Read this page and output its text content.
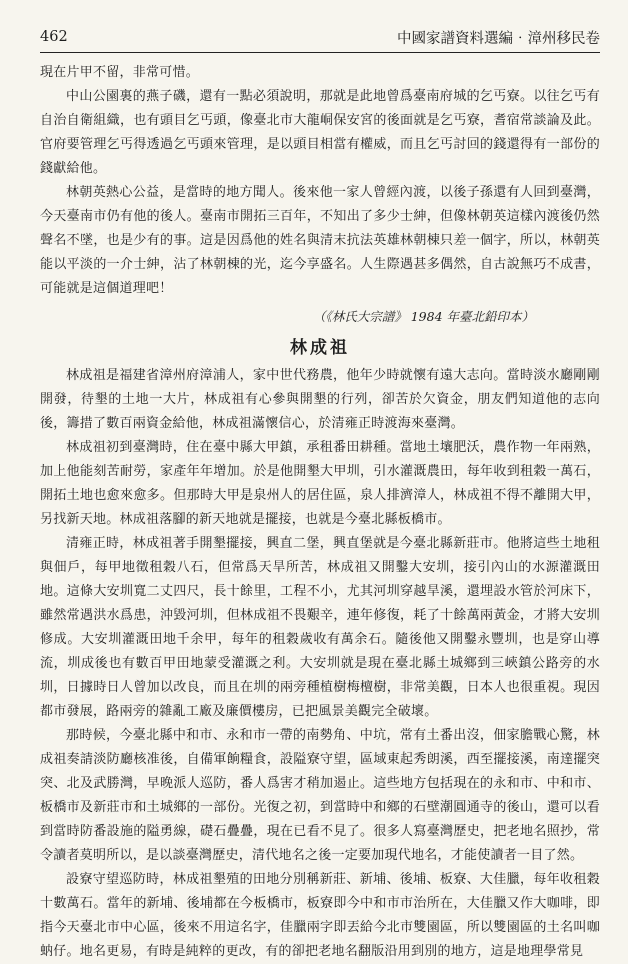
462	中國家譜資料選編‧漳州移民卷

現在片甲不留，非常可惜。

中山公園裏的燕子磯，還有一點必須說明，那就是此地曾爲臺南府城的乞丐寮。以往乞丐有自治自衛組織，也有頭目乞丐頭，像臺北市大龍峒保安宮的後面就是乞丐寮，耆宿常談論及此。官府要管理乞丐得透過乞丐頭來管理，是以頭目相當有權威，而且乞丐討回的錢還得有一部份的錢獻給他。

林朝英熱心公益，是當時的地方聞人。後來他一家人曾經內渡，以後子孫還有人回到臺灣，今天臺南市仍有他的後人。臺南市開拓三百年，不知出了多少士紳，但像林朝英這樣內渡後仍然聲名不墜，也是少有的事。這是因爲他的姓名與清末抗法英雄林朝棟只差一個字，所以，林朝英能以平淡的一介士紳，沾了林朝棟的光，迄今享盛名。人生際遇甚多偶然，自古說無巧不成書，可能就是這個道理吧！

（《林氏大宗譜》 1984 年臺北鉛印本）

林成祖

林成祖是福建省漳州府漳浦人，家中世代務農，他年少時就懷有遠大志向。當時淡水廳剛剛開發，待墾的土地一大片，林成祖有心參與開墾的行列，卻苦於欠資金，朋友們知道他的志向後，籌措了數百兩資金給他，林成祖滿懷信心，於清雍正時渡海來臺灣。

林成祖初到臺灣時，住在臺中縣大甲鎮，承租番田耕種。當地土壤肥沃，農作物一年兩熟，加上他能刻苦耐勞，家產年年增加。於是他開墾大甲圳，引水灌溉農田，每年收到租穀一萬石，開拓土地也愈來愈多。但那時大甲是泉州人的居住區，泉人排濟漳人，林成祖不得不離開大甲，另找新天地。林成祖落腳的新天地就是擺接，也就是今臺北縣板橋市。

清雍正時，林成祖著手開墾擺接，興直二堡，興直堡就是今臺北縣新莊市。他將這些土地租與佃戶，每甲地徵租穀八石，但常爲天旱所苦，林成祖又開鑿大安圳，接引內山的水源灌溉田地。這條大安圳寬二丈四尺，長十餘里，工程不小，尤其河圳穿越旱溪，還埋設水管於河床下，雖然常遇洪水爲患，沖毀河圳，但林成祖不畏艱辛，連年修復，耗了十餘萬兩黃金，才將大安圳修成。大安圳灌溉田地千余甲，每年的租穀歲收有萬余石。隨後他又開鑿永豐圳，也是穿山導流，圳成後也有數百甲田地蒙受灌溉之利。大安圳就是現在臺北縣土城鄉到三峽鎮公路旁的水圳，日據時日人曾加以改良，而且在圳的兩旁種植樹梅檀樹，非常美觀，日本人也很重視。現因都市發展，路兩旁的雜亂工廠及廉價樓房，已把風景美觀完全破壞。

那時候，今臺北縣中和市、永和市一帶的南勢角、中坑，常有土番出沒，佃家膽戰心驚，林成祖奏請淡防廳核准後，自備軍餉糧食，設隘寮守望，區域東起秀朗溪，西至擺接溪，南達擺突突、北及武勝灣，早晚派人巡防，番人爲害才稍加遏止。這些地方包括現在的永和市、中和市、板橋市及新莊市和土城鄉的一部份。光復之初，到當時中和鄉的石壁潮圓通寺的後山，還可以看到當時防番設施的隘勇線，礎石疊疊，現在已看不見了。很多人寫臺灣歷史，把老地名照抄，常令讀者莫明所以，是以談臺灣歷史，清代地名之後一定要加現代地名，才能使讀者一目了然。

設寮守望巡防時，林成祖墾殖的田地分別稱新莊、新埔、後埔、板寮、大佳臘，每年收租穀十數萬石。當年的新埔、後埔都在今板橋市，板寮即今中和市市治所在，大佳臘又作大咖啡，即指今天臺北市中心區，後來不用這名字，佳臘兩字即丟給今北市雙園區，所以雙園區的土名叫咖蚋仔。地名更易，有時是純粹的更改，有的卻把老地名翻版沿用到別的地方，這是地理學常見
